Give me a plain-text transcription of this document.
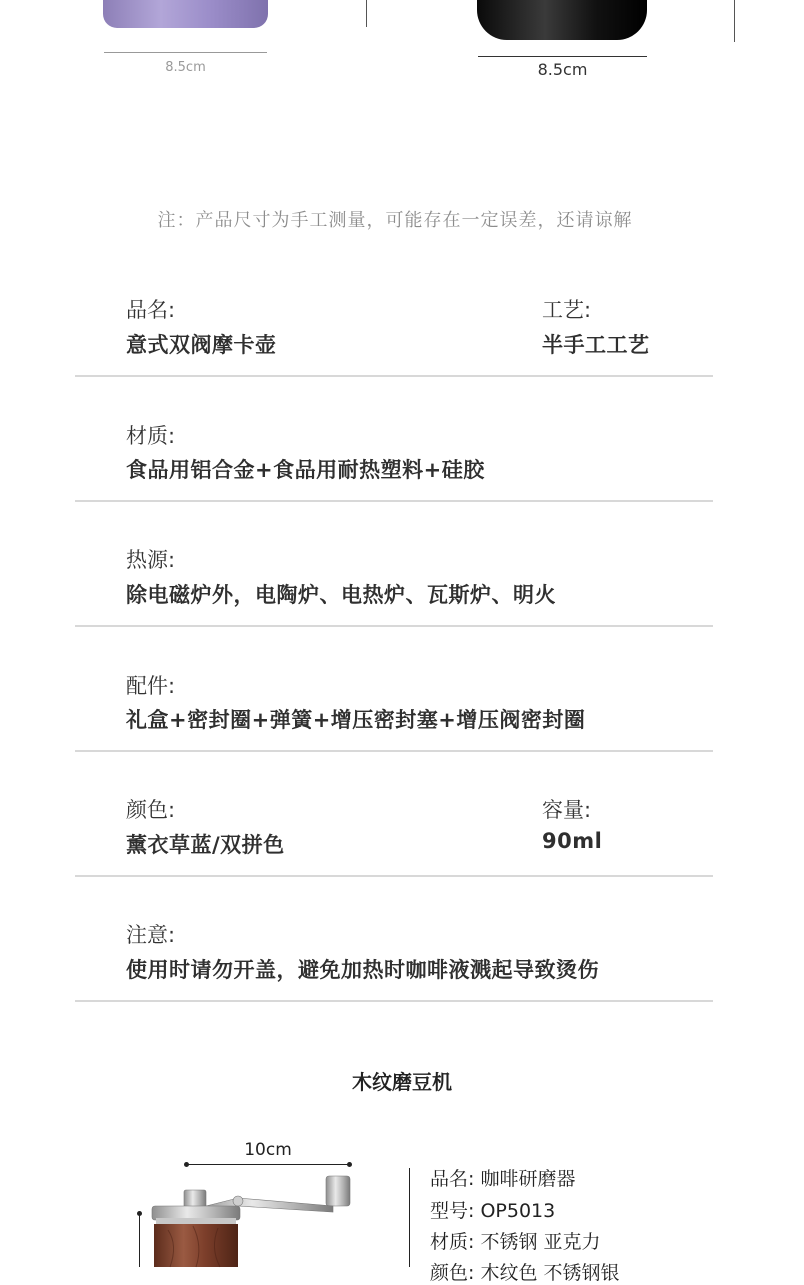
8.5cm	8.5cm
注：产品尺寸为手工测量，可能存在一定误差，还请谅解
品名:
意式双阀摩卡壶
工艺:
半手工工艺
材质:
食品用铝合金+食品用耐热塑料+硅胶
热源:
除电磁炉外，电陶炉、电热炉、瓦斯炉、明火
配件:
礼盒+密封圈+弹簧+增压密封塞+增压阀密封圈
颜色:
薰衣草蓝/双拼色
容量:
90ml
注意:
使用时请勿开盖，避免加热时咖啡液溅起导致烫伤
木纹磨豆机
10cm
品名: 咖啡研磨器
型号: OP5013
材质: 不锈钢 亚克力
颜色: 木纹色 不锈钢银
